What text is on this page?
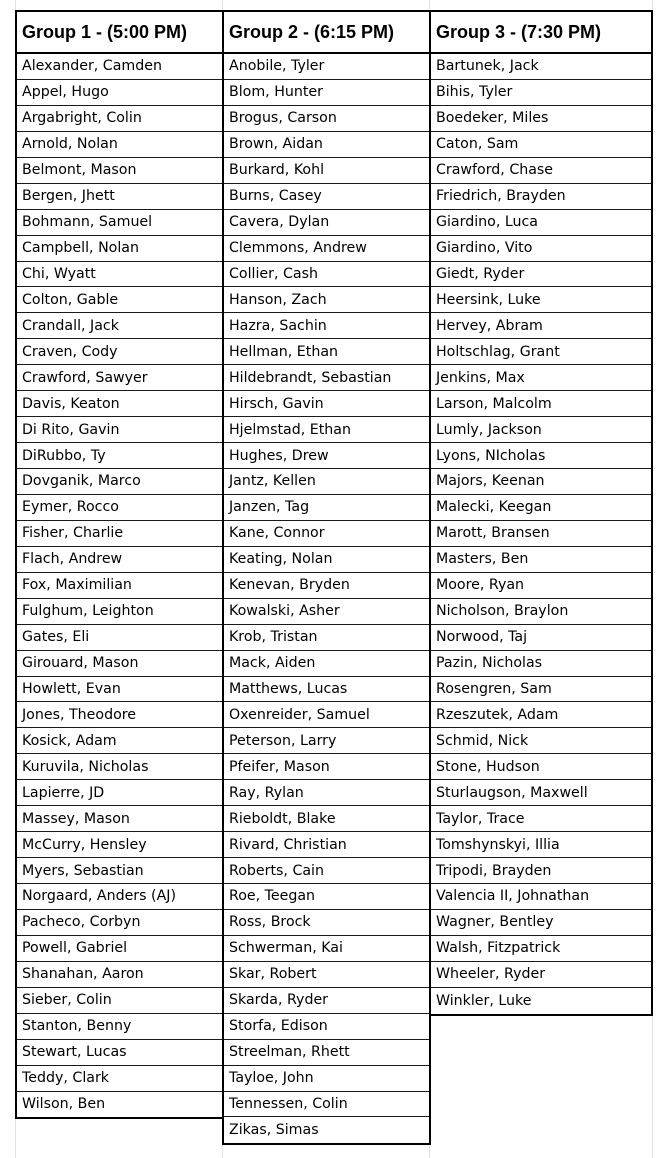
Group 1 - (5:00 PM)
Alexander, Camden
Appel, Hugo
Argabright, Colin
Arnold, Nolan
Belmont, Mason
Bergen, Jhett
Bohmann, Samuel
Campbell, Nolan
Chi, Wyatt
Colton, Gable
Crandall, Jack
Craven, Cody
Crawford, Sawyer
Davis, Keaton
Di Rito, Gavin
DiRubbo, Ty
Dovganik, Marco
Eymer, Rocco
Fisher, Charlie
Flach, Andrew
Fox, Maximilian
Fulghum, Leighton
Gates, Eli
Girouard, Mason
Howlett, Evan
Jones, Theodore
Kosick, Adam
Kuruvila, Nicholas
Lapierre, JD
Massey, Mason
McCurry, Hensley
Myers, Sebastian
Norgaard, Anders (AJ)
Pacheco, Corbyn
Powell, Gabriel
Shanahan, Aaron
Sieber, Colin
Stanton, Benny
Stewart, Lucas
Teddy, Clark
Wilson, Ben
Group 2 - (6:15 PM)
Anobile, Tyler
Blom, Hunter
Brogus, Carson
Brown, Aidan
Burkard, Kohl
Burns, Casey
Cavera, Dylan
Clemmons, Andrew
Collier, Cash
Hanson, Zach
Hazra, Sachin
Hellman, Ethan
Hildebrandt, Sebastian
Hirsch, Gavin
Hjelmstad, Ethan
Hughes, Drew
Jantz, Kellen
Janzen, Tag
Kane, Connor
Keating, Nolan
Kenevan, Bryden
Kowalski, Asher
Krob, Tristan
Mack, Aiden
Matthews, Lucas
Oxenreider, Samuel
Peterson, Larry
Pfeifer, Mason
Ray, Rylan
Rieboldt, Blake
Rivard, Christian
Roberts, Cain
Roe, Teegan
Ross, Brock
Schwerman, Kai
Skar, Robert
Skarda, Ryder
Storfa, Edison
Streelman, Rhett
Tayloe, John
Tennessen, Colin
Zikas, Simas
Group 3 - (7:30 PM)
Bartunek, Jack
Bihis, Tyler
Boedeker, Miles
Caton, Sam
Crawford, Chase
Friedrich, Brayden
Giardino, Luca
Giardino, Vito
Giedt, Ryder
Heersink, Luke
Hervey, Abram
Holtschlag, Grant
Jenkins, Max
Larson, Malcolm
Lumly, Jackson
Lyons, NIcholas
Majors, Keenan
Malecki, Keegan
Marott, Bransen
Masters, Ben
Moore, Ryan
Nicholson, Braylon
Norwood, Taj
Pazin, Nicholas
Rosengren, Sam
Rzeszutek, Adam
Schmid, Nick
Stone, Hudson
Sturlaugson, Maxwell
Taylor, Trace
Tomshynskyi, Illia
Tripodi, Brayden
Valencia II, Johnathan
Wagner, Bentley
Walsh, Fitzpatrick
Wheeler, Ryder
Winkler, Luke
